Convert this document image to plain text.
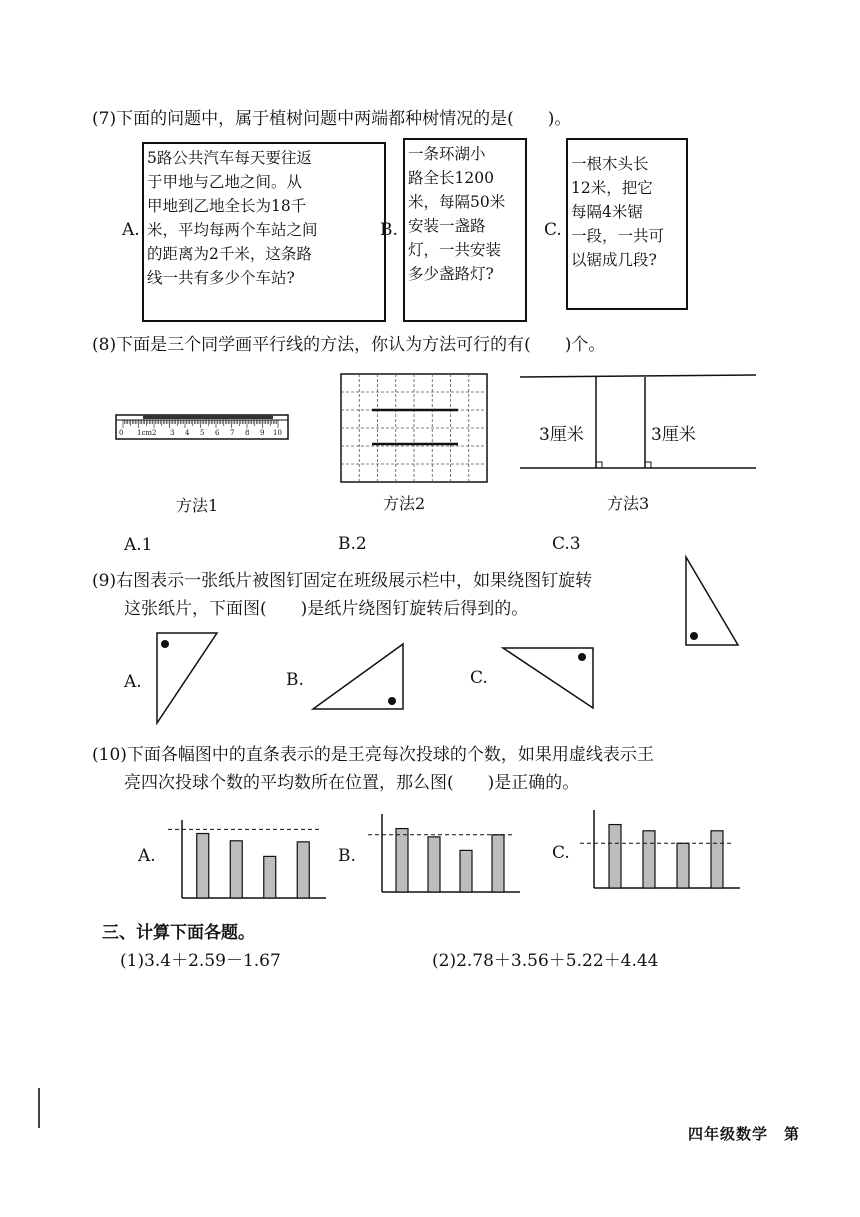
(7)下面的问题中，属于植树问题中两端都种树情况的是(　　)。
A.
5路公共汽车每天要往返
于甲地与乙地之间。从
甲地到乙地全长为18千
米，平均每两个车站之间
的距离为2千米，这条路
线一共有多少个车站?
B.
一条环湖小
路全长1200
米，每隔50米
安装一盏路
灯，一共安装
多少盏路灯?
C.
一根木头长
12米，把它
每隔4米锯
一段，一共可
以锯成几段?
(8)下面是三个同学画平行线的方法，你认为方法可行的有(　　)个。
0 1cm2 3 4 5 6 7 8 9 10	3厘米	3厘米
方法1	方法2	方法3
A.1	B.2	C.3
(9)右图表示一张纸片被图钉固定在班级展示栏中，如果绕图钉旋转
这张纸片，下面图(　　)是纸片绕图钉旋转后得到的。
A.	B.	C.
(10)下面各幅图中的直条表示的是王亮每次投球的个数，如果用虚线表示王
亮四次投球个数的平均数所在位置，那么图(　　)是正确的。
A.	B.	C.
三、计算下面各题。
(1)3.4＋2.59－1.67	(2)2.78＋3.56＋5.22＋4.44
四年级数学　第
